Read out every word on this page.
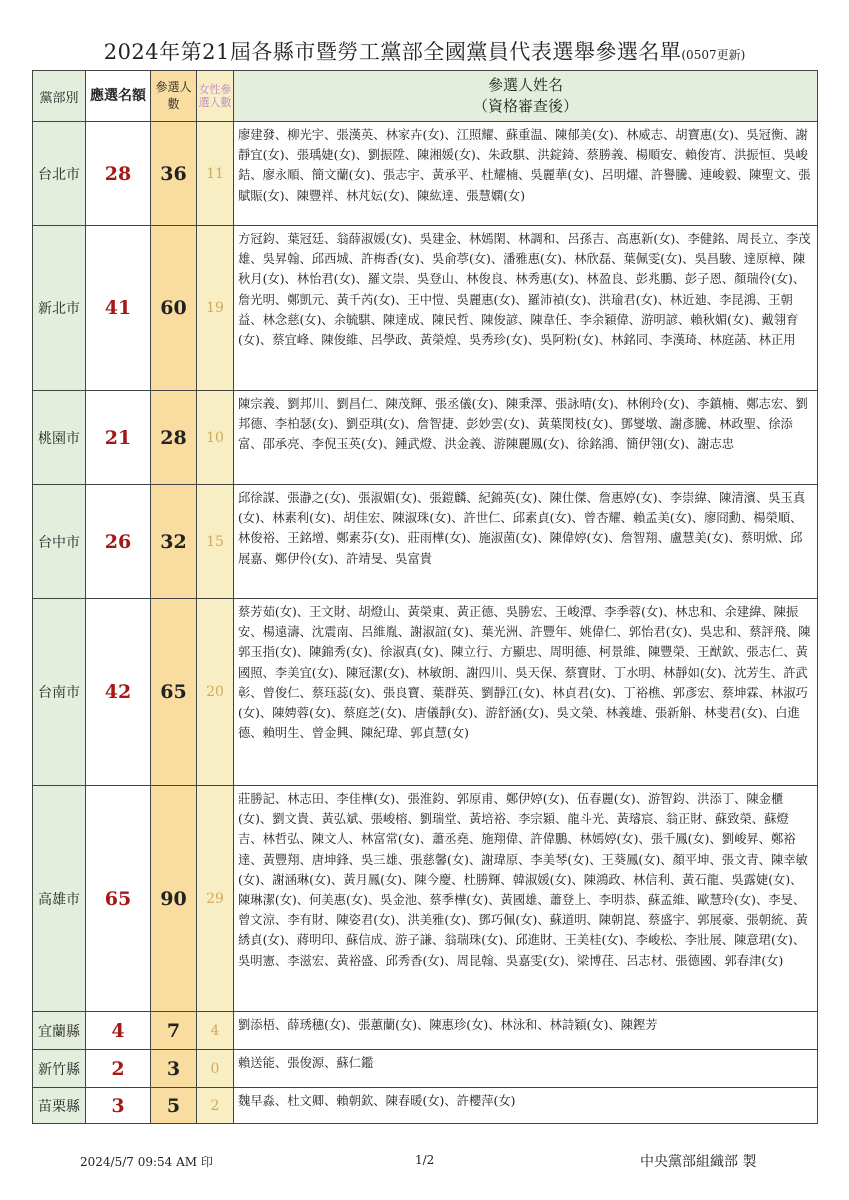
2024年第21屆各縣市暨勞工黨部全國黨員代表選舉參選名單(0507更新)
黨部別	應選名額	參選人數	女性參選人數	參選人姓名
（資格審查後）

台北市	28	36	11	廖建發、柳光宇、張漢英、林家卉(女)、江照耀、蘇重温、陳郁美(女)、林威志、胡寶惠(女)、吳冠衡、謝靜宜(女)、張瑀婕(女)、劉振陞、陳湘媛(女)、朱政騏、洪錠錡、蔡勝義、楊順安、賴俊宵、洪振恒、吳峻銡、廖永順、簡文蘭(女)、張志宇、黃承平、杜耀楠、吳麗華(女)、呂明燿、許譽騰、連峻毅、陳聖文、張賦賑(女)、陳豐祥、林芃妘(女)、陳紘達、張慧嫻(女)
新北市	41	60	19	方冠鈞、葉冠廷、翁薛淑媛(女)、吳建金、林嫣閑、林調和、呂孫吉、高惠新(女)、李健銘、周長立、李茂雄、吳昇翰、邱西城、許梅香(女)、吳俞葶(女)、潘雅惠(女)、林欣磊、葉佩雯(女)、吳昌駿、達原樟、陳秋月(女)、林怡君(女)、羅文崇、吳登山、林俊良、林秀惠(女)、林盈良、彭兆鵬、彭子恩、顏瑞伶(女)、詹光明、鄭凱元、黃千芮(女)、王中愷、吳麗惠(女)、羅沛禎(女)、洪瑜君(女)、林近廸、李昆鴻、王朝益、林念慈(女)、余毓騏、陳達成、陳民哲、陳俊諺、陳韋任、李余穎偉、游明諺、賴秋媚(女)、戴翎育(女)、蔡宜峰、陳俊維、呂學政、黃榮煌、吳秀珍(女)、吳阿粉(女)、林銘同、李漢琦、林庭菡、林正用
桃園市	21	28	10	陳宗義、劉邦川、劉昌仁、陳茂輝、張丞儀(女)、陳秉澤、張詠晴(女)、林俐玲(女)、李鎮楠、鄭志宏、劉邦德、李柏瑟(女)、劉亞琪(女)、詹智捷、彭妙雲(女)、黃葉閔枝(女)、鄧燮墩、謝彥騰、林政聖、徐添富、邵承亮、李倪玉英(女)、鍾武燈、洪金義、游陳麗鳳(女)、徐銘鴻、簡伊翎(女)、謝志忠
台中市	26	32	15	邱徐謀、張瀞之(女)、張淑媚(女)、張鎧麟、紀錦英(女)、陳仕傑、詹惠婷(女)、李崇緯、陳清濱、吳玉真(女)、林素利(女)、胡佳宏、陳淑珠(女)、許世仁、邱素貞(女)、曾杏耀、賴孟美(女)、廖冏勳、楊榮順、林俊裕、王銘增、鄭素芬(女)、莊雨樺(女)、施淑菌(女)、陳偉婷(女)、詹智翔、盧慧美(女)、蔡明焮、邱展嘉、鄭伊伶(女)、許靖旻、吳富貴
台南市	42	65	20	蔡芳茹(女)、王文財、胡燈山、黃榮東、黃正德、吳勝宏、王峻潭、李季蓉(女)、林忠和、余建緯、陳振安、楊遠濤、沈震南、呂維胤、謝淑誼(女)、葉光洲、許豐年、姚偉仁、郭怡君(女)、吳忠和、蔡評飛、陳郭玉指(女)、陳錦秀(女)、徐淑真(女)、陳立行、方顯忠、周明德、柯景維、陳豐榮、王猷欽、張志仁、黃國照、李美宜(女)、陳冠潔(女)、林敏朗、謝四川、吳天保、蔡寶財、丁水明、林靜如(女)、沈芳生、許武彰、曾俊仁、蔡珏蕊(女)、張良寶、葉群英、劉靜江(女)、林貞君(女)、丁裕樵、郭彥宏、蔡坤霖、林淑巧(女)、陳娉蓉(女)、蔡庭芝(女)、唐儀靜(女)、游舒涵(女)、吳文榮、林義雄、張新斛、林斐君(女)、白進德、賴明生、曾金興、陳紀瑋、郭貞慧(女)
高雄市	65	90	29	莊勝記、林志田、李佳樺(女)、張淮鈞、郭原甫、鄭伊婷(女)、伍春麗(女)、游智鈞、洪添丁、陳金櫃(女)、劉文貴、黃弘斌、張峻榕、劉瑞堂、黃培裕、李宗穎、龍斗光、黃璿宸、翁正財、蘇致榮、蘇燈吉、林哲弘、陳文人、林富常(女)、蕭丞堯、施翔偉、許偉鵬、林嫣婷(女)、張千鳳(女)、劉峻昇、鄭裕達、黃豐翔、唐坤鋒、吳三雄、張慈馨(女)、謝瑋原、李美琴(女)、王葵鳳(女)、顏平坤、張文青、陳幸敏(女)、謝涵琳(女)、黃月鳳(女)、陳今慶、杜勝輝、韓淑媛(女)、陳鴻政、林信利、黃石龍、吳露婕(女)、陳琳潔(女)、何美惠(女)、吳金池、蔡季樺(女)、黃國雄、蕭登上、李明恭、蘇孟維、歐慧玲(女)、李旻、曾文涼、李有財、陳姿君(女)、洪美雅(女)、鄧巧佩(女)、蘇道明、陳朝崑、蔡盛宇、郭展豪、張朝統、黃綉貞(女)、蔣明印、蘇信成、游子謙、翁瑞珠(女)、邱進財、王美桂(女)、李峻松、李壯展、陳意珺(女)、吳明憲、李滋宏、黃裕盛、邱秀香(女)、周昆翰、吳嘉雯(女)、梁博荏、呂志材、張德國、郭春津(女)
宜蘭縣	4	7	4	劉添梧、薛琇穗(女)、張蕙蘭(女)、陳惠珍(女)、林泳和、林詩穎(女)、陳鏗芳
新竹縣	2	3	0	賴送能、張俊源、蘇仁鑑
苗栗縣	3	5	2	魏早淼、杜文卿、賴朝欽、陳春暖(女)、許櫻萍(女)
2024/5/7 09:54 AM 印	1/2	中央黨部組織部 製
